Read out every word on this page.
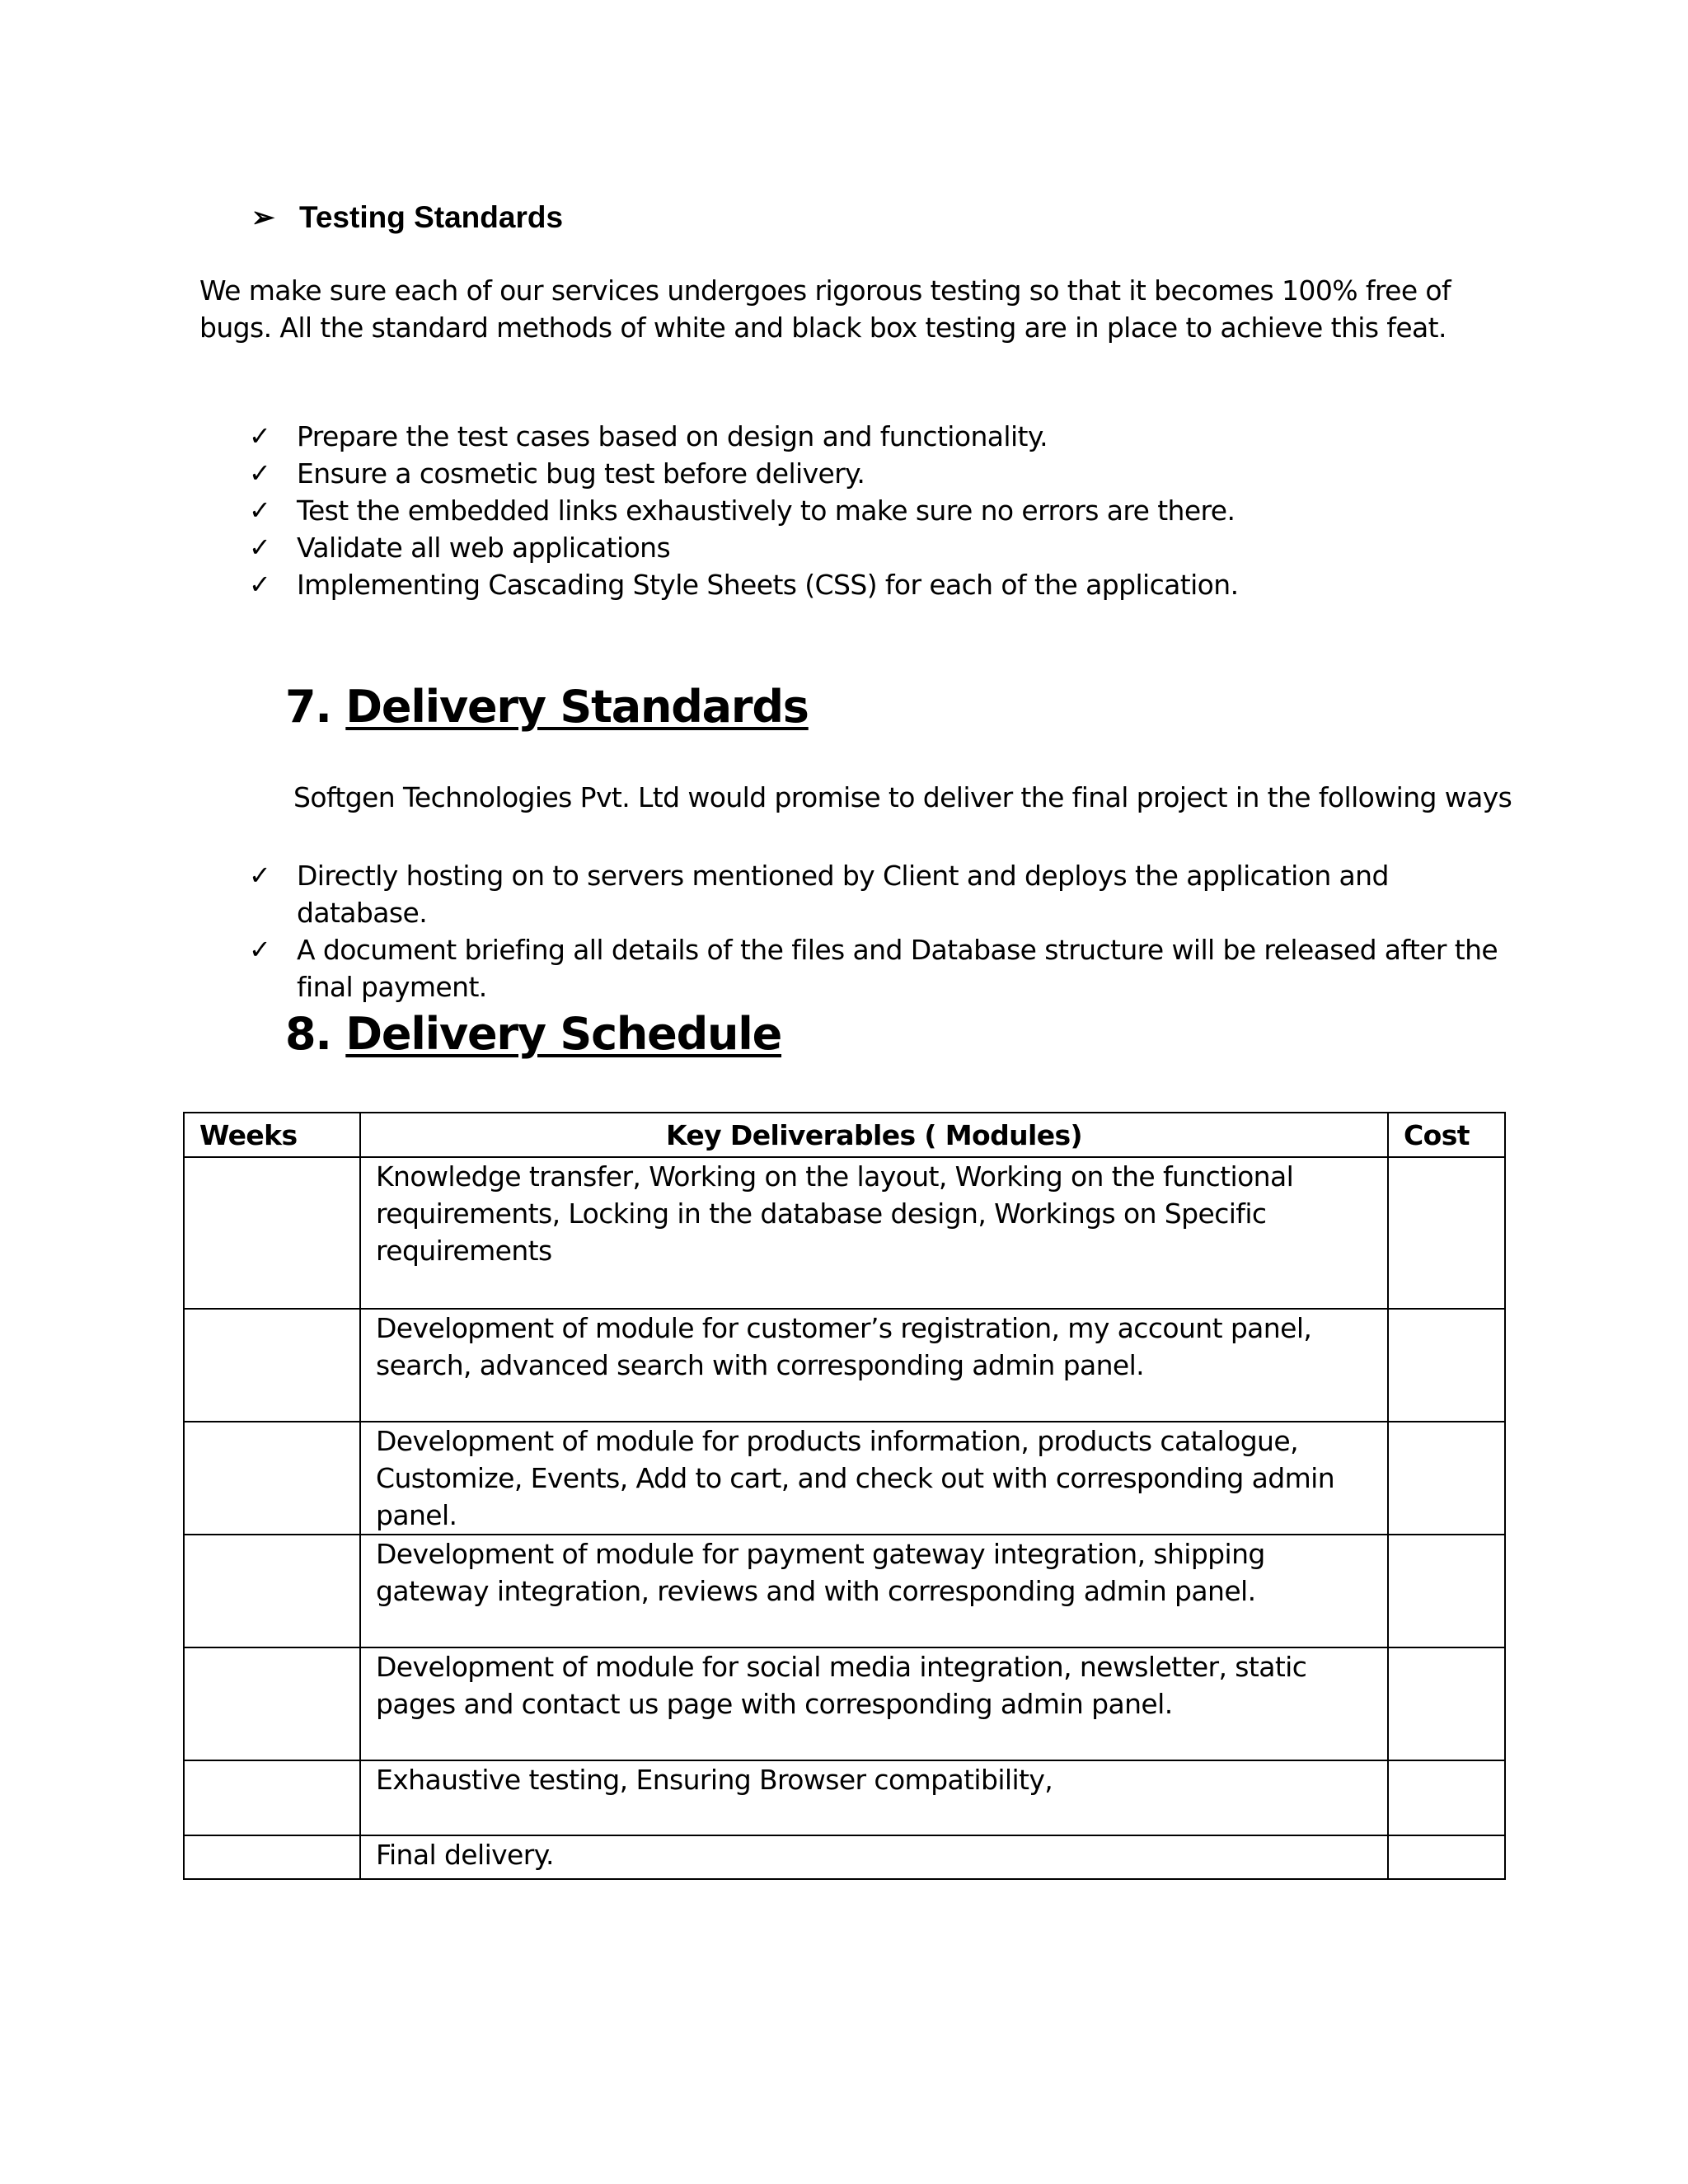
➢ Testing Standards
We make sure each of our services undergoes rigorous testing so that it becomes 100% free of bugs. All the standard methods of white and black box testing are in place to achieve this feat.
✓ Prepare the test cases based on design and functionality.
✓ Ensure a cosmetic bug test before delivery.
✓ Test the embedded links exhaustively to make sure no errors are there.
✓ Validate all web applications
✓ Implementing Cascading Style Sheets (CSS) for each of the application.
7. Delivery Standards
Softgen Technologies Pvt. Ltd would promise to deliver the final project in the following ways
✓ Directly hosting on to servers mentioned by Client and deploys the application and database.
✓ A document briefing all details of the files and Database structure will be released after the final payment.
8. Delivery Schedule
Weeks	Key Deliverables ( Modules)	Cost
	Knowledge transfer, Working on the layout, Working on the functional requirements, Locking in the database design, Workings on Specific requirements	
	Development of module for customer’s registration, my account panel, search, advanced search with corresponding admin panel.	
	Development of module for products information, products catalogue, Customize, Events, Add to cart, and check out with corresponding admin panel.	
	Development of module for payment gateway integration, shipping gateway integration, reviews and with corresponding admin panel.	
	Development of module for social media integration, newsletter, static pages and contact us page with corresponding admin panel.	
	Exhaustive testing, Ensuring Browser compatibility,	
	Final delivery.	
